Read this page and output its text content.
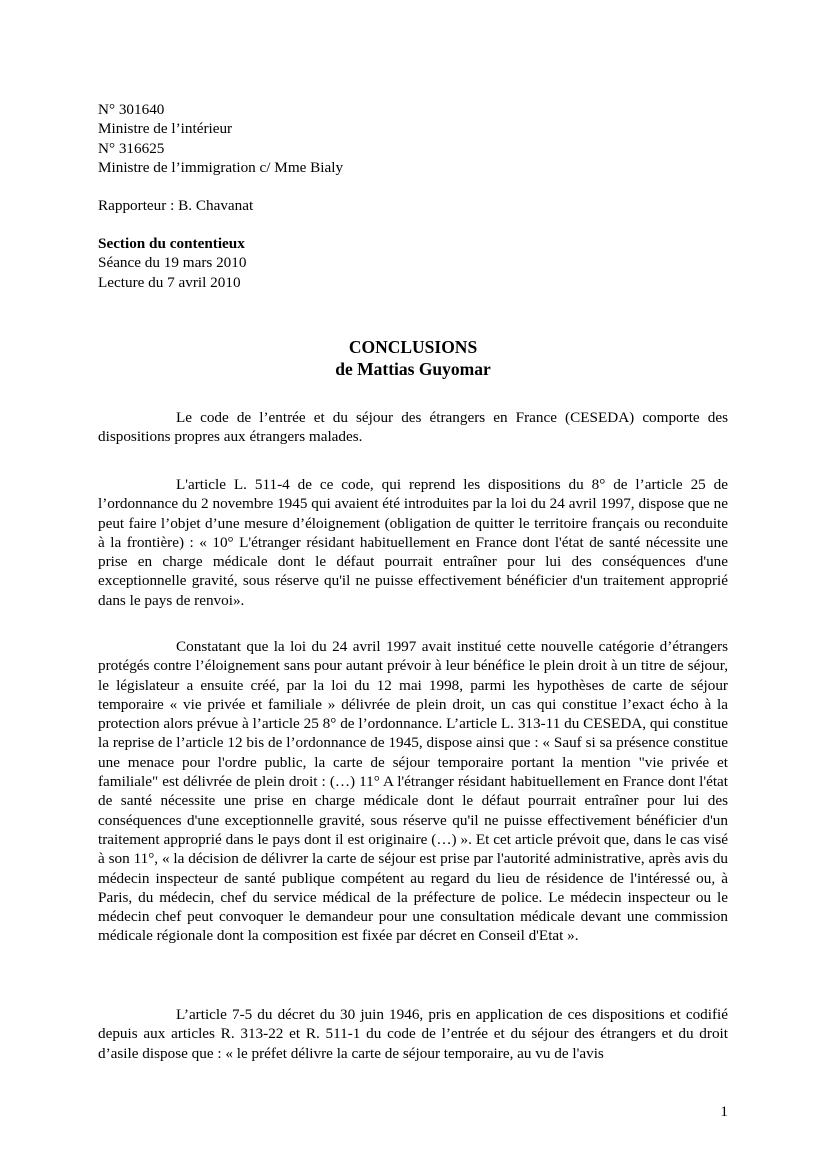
N° 301640
Ministre de l’intérieur
N° 316625
Ministre de l’immigration c/ Mme Bialy
Rapporteur : B. Chavanat
Section du contentieux
Séance du 19 mars 2010
Lecture du 7 avril 2010
CONCLUSIONS
de Mattias Guyomar

Le code de l’entrée et du séjour des étrangers en France (CESEDA) comporte des dispositions propres aux étrangers malades.

L'article L. 511-4 de ce code, qui reprend les dispositions du 8° de l’article 25 de l’ordonnance du 2 novembre 1945 qui avaient été introduites par la loi du 24 avril 1997, dispose que ne peut faire l’objet d’une mesure d’éloignement (obligation de quitter le territoire français ou reconduite à la frontière) : « 10° L'étranger résidant habituellement en France dont l'état de santé nécessite une prise en charge médicale dont le défaut pourrait entraîner pour lui des conséquences d'une exceptionnelle gravité, sous réserve qu'il ne puisse effectivement bénéficier d'un traitement approprié dans le pays de renvoi».

Constatant que la loi du 24 avril 1997 avait institué cette nouvelle catégorie d’étrangers protégés contre l’éloignement sans pour autant prévoir à leur bénéfice le plein droit à un titre de séjour, le législateur a ensuite créé, par la loi du 12 mai 1998, parmi les hypothèses de carte de séjour temporaire « vie privée et familiale » délivrée de plein droit, un cas qui constitue l’exact écho à la protection alors prévue à l’article 25 8° de l’ordonnance. L’article L. 313-11 du CESEDA, qui constitue la reprise de l’article 12 bis de l’ordonnance de 1945, dispose ainsi que : « Sauf si sa présence constitue une menace pour l'ordre public, la carte de séjour temporaire portant la mention "vie privée et familiale" est délivrée de plein droit : (…) 11° A l'étranger résidant habituellement en France dont l'état de santé nécessite une prise en charge médicale dont le défaut pourrait entraîner pour lui des conséquences d'une exceptionnelle gravité, sous réserve qu'il ne puisse effectivement bénéficier d'un traitement approprié dans le pays dont il est originaire (…) ». Et cet article prévoit que, dans le cas visé à son 11°, « la décision de délivrer la carte de séjour est prise par l'autorité administrative, après avis du médecin inspecteur de santé publique compétent au regard du lieu de résidence de l'intéressé ou, à Paris, du médecin, chef du service médical de la préfecture de police. Le médecin inspecteur ou le médecin chef peut convoquer le demandeur pour une consultation médicale devant une commission médicale régionale dont la composition est fixée par décret en Conseil d'Etat ».

L’article 7-5 du décret du 30 juin 1946, pris en application de ces dispositions et codifié depuis aux articles R. 313-22 et R. 511-1 du code de l’entrée et du séjour des étrangers et du droit d’asile dispose que : « le préfet délivre la carte de séjour temporaire, au vu de l'avis

1
